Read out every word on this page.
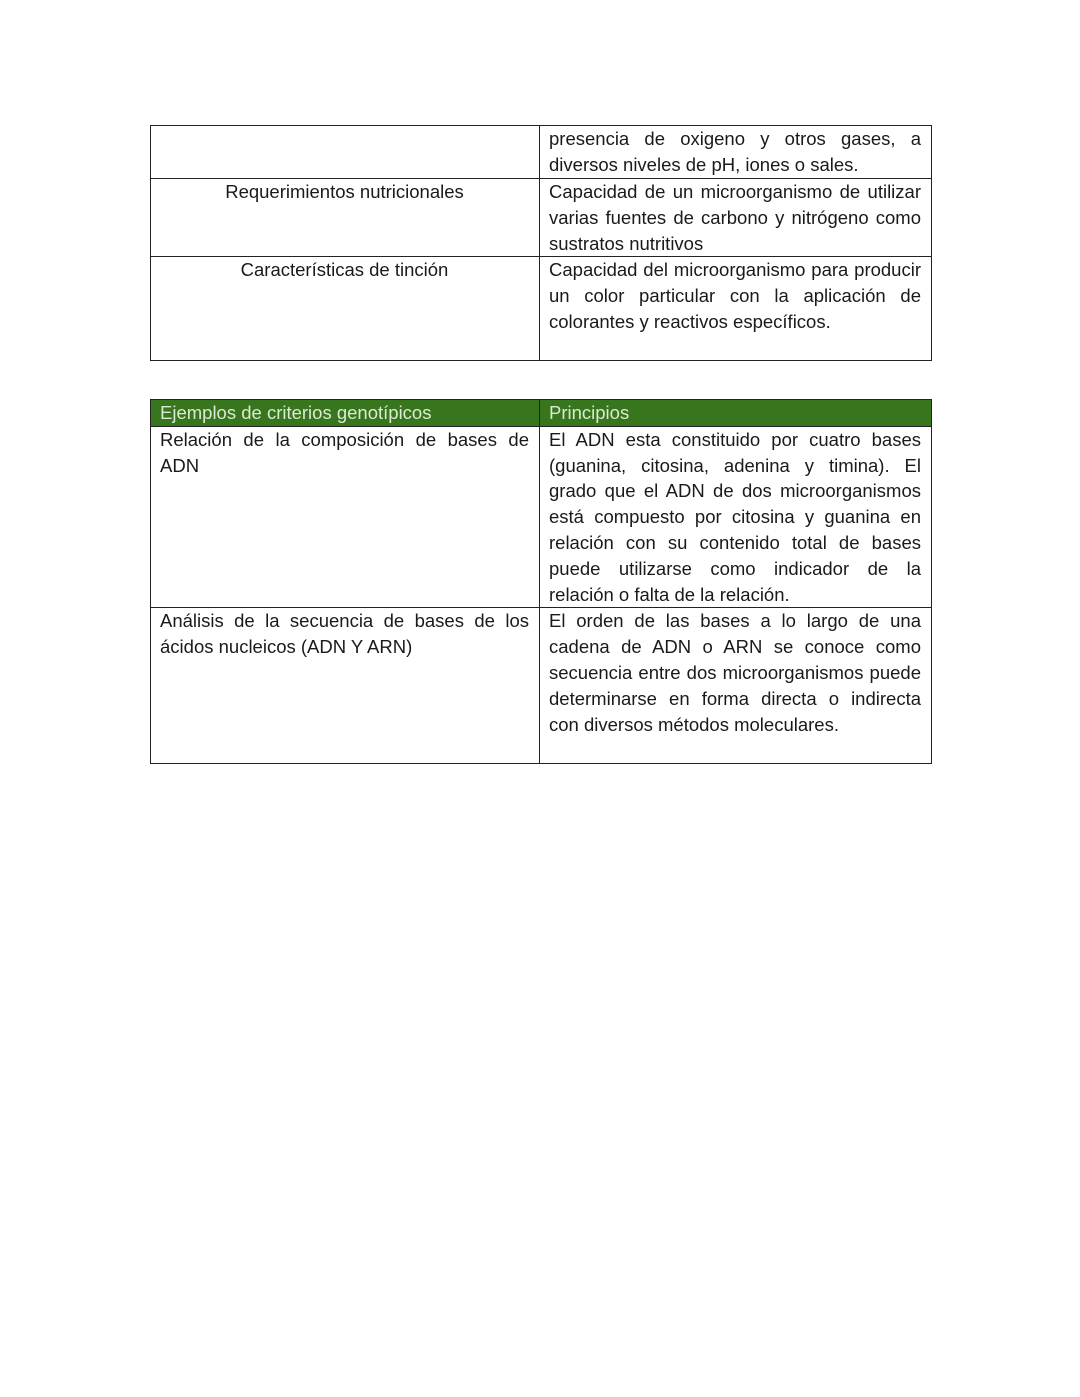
	presencia de oxigeno y otros gases, a diversos niveles de pH, iones o sales.
Requerimientos nutricionales	Capacidad de un microorganismo de utilizar varias fuentes de carbono y nitrógeno como sustratos nutritivos
Características de tinción	Capacidad del microorganismo para producir un color particular con la aplicación de colorantes y reactivos específicos.
Ejemplos de criterios genotípicos	Principios
Relación de la composición de bases de ADN	El ADN esta constituido por cuatro bases (guanina, citosina, adenina y timina). El grado que el ADN de dos microorganismos está compuesto por citosina y guanina en relación con su contenido total de bases puede utilizarse como indicador de la relación o falta de la relación.
Análisis de la secuencia de bases de los ácidos nucleicos (ADN Y ARN)	El orden de las bases a lo largo de una cadena de ADN o ARN se conoce como secuencia entre dos microorganismos puede determinarse en forma directa o indirecta con diversos métodos moleculares.
